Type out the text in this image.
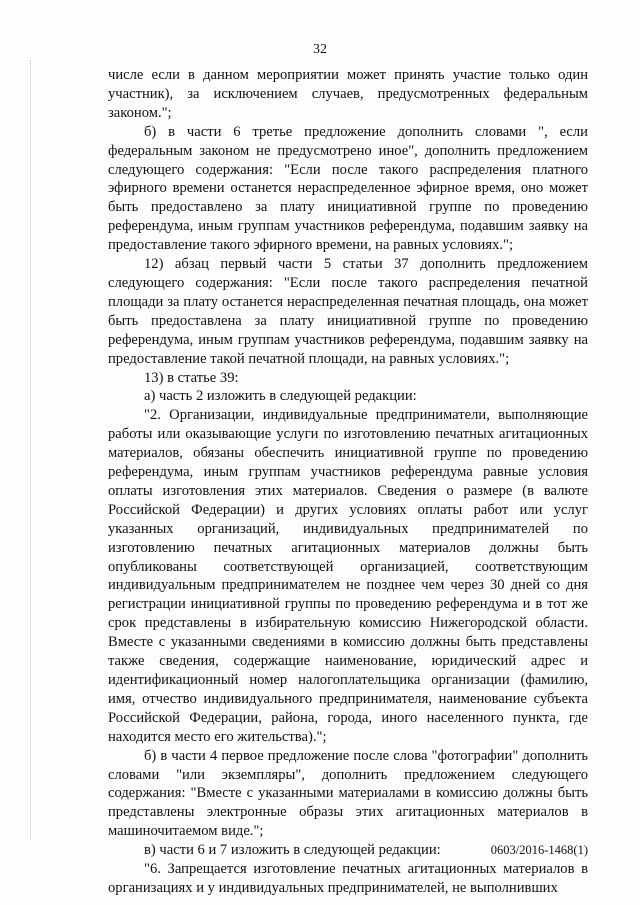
32

числе если в данном мероприятии может принять участие только один участник), за исключением случаев, предусмотренных федеральным законом.";

б) в части 6 третье предложение дополнить словами ", если федеральным законом не предусмотрено иное", дополнить предложением следующего содержания: "Если после такого распределения платного эфирного времени останется нераспределенное эфирное время, оно может быть предоставлено за плату инициативной группе по проведению референдума, иным группам участников референдума, подавшим заявку на предоставление такого эфирного времени, на равных условиях.";

12) абзац первый части 5 статьи 37 дополнить предложением следующего содержания: "Если после такого распределения печатной площади за плату останется нераспределенная печатная площадь, она может быть предоставлена за плату инициативной группе по проведению референдума, иным группам участников референдума, подавшим заявку на предоставление такой печатной площади, на равных условиях.";

13) в статье 39:

а) часть 2 изложить в следующей редакции:

"2. Организации, индивидуальные предприниматели, выполняющие работы или оказывающие услуги по изготовлению печатных агитационных материалов, обязаны обеспечить инициативной группе по проведению референдума, иным группам участников референдума равные условия оплаты изготовления этих материалов. Сведения о размере (в валюте Российской Федерации) и других условиях оплаты работ или услуг указанных организаций, индивидуальных предпринимателей по изготовлению печатных агитационных материалов должны быть опубликованы соответствующей организацией, соответствующим индивидуальным предпринимателем не позднее чем через 30 дней со дня регистрации инициативной группы по проведению референдума и в тот же срок представлены в избирательную комиссию Нижегородской области. Вместе с указанными сведениями в комиссию должны быть представлены также сведения, содержащие наименование, юридический адрес и идентификационный номер налогоплательщика организации (фамилию, имя, отчество индивидуального предпринимателя, наименование субъекта Российской Федерации, района, города, иного населенного пункта, где находится место его жительства).";

б) в части 4 первое предложение после слова "фотографии" дополнить словами "или экземпляры", дополнить предложением следующего содержания: "Вместе с указанными материалами в комиссию должны быть представлены электронные образы этих агитационных материалов в машиночитаемом виде.";

в) части 6 и 7 изложить в следующей редакции:

"6. Запрещается изготовление печатных агитационных материалов в организациях и у индивидуальных предпринимателей, не выполнивших

0603/2016-1468(1)
